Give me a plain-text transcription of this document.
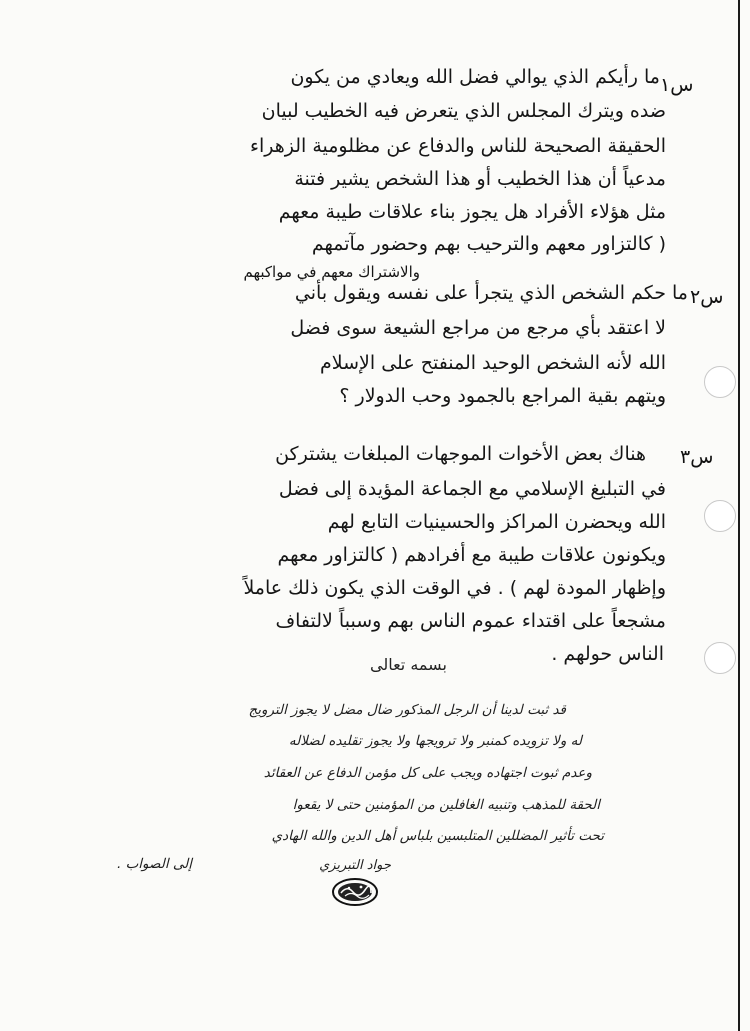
س١
ما رأيكم الذي يوالي فضل الله ويعادي من يكون
ضده ويترك المجلس الذي يتعرض فيه الخطيب لبيان
الحقيقة الصحيحة للناس والدفاع عن مظلومية الزهراء
مدعياً أن هذا الخطيب أو هذا الشخص يشير فتنة
مثل هؤلاء الأفراد هل يجوز بناء علاقات طيبة معهم
( كالتزاور معهم والترحيب بهم وحضور مآتمهم
والاشتراك معهم في مواكبهم
س٢
ما حكم الشخص الذي يتجرأ على نفسه ويقول بأني
لا اعتقد بأي مرجع من مراجع الشيعة سوى فضل
الله لأنه الشخص الوحيد المنفتح على الإسلام
ويتهم بقية المراجع بالجمود وحب الدولار ؟
س٣
هناك بعض الأخوات الموجهات المبلغات يشتركن
في التبليغ الإسلامي مع الجماعة المؤيدة إلى فضل
الله ويحضرن المراكز والحسينيات التابع لهم
ويكونون علاقات طيبة مع أفرادهم ( كالتزاور معهم
وإظهار المودة لهم ) . في الوقت الذي يكون ذلك عاملاً
مشجعاً على اقتداء عموم الناس بهم وسبباً لالتفاف
الناس حولهم .
بسمه تعالى
قد ثبت لدينا أن الرجل المذكور ضال مضل لا يجوز الترويج
له ولا تزويده كمنبر ولا ترويجها ولا يجوز تقليده لضلاله
وعدم ثبوت اجتهاده ويجب على كل مؤمن الدفاع عن العقائد
الحقة للمذهب وتنبيه الغافلين من المؤمنين حتى لا يقعوا
تحت تأثير المضللين المتلبسين بلباس أهل الدين والله الهادي
إلى الصواب .	جواد التبريزي
